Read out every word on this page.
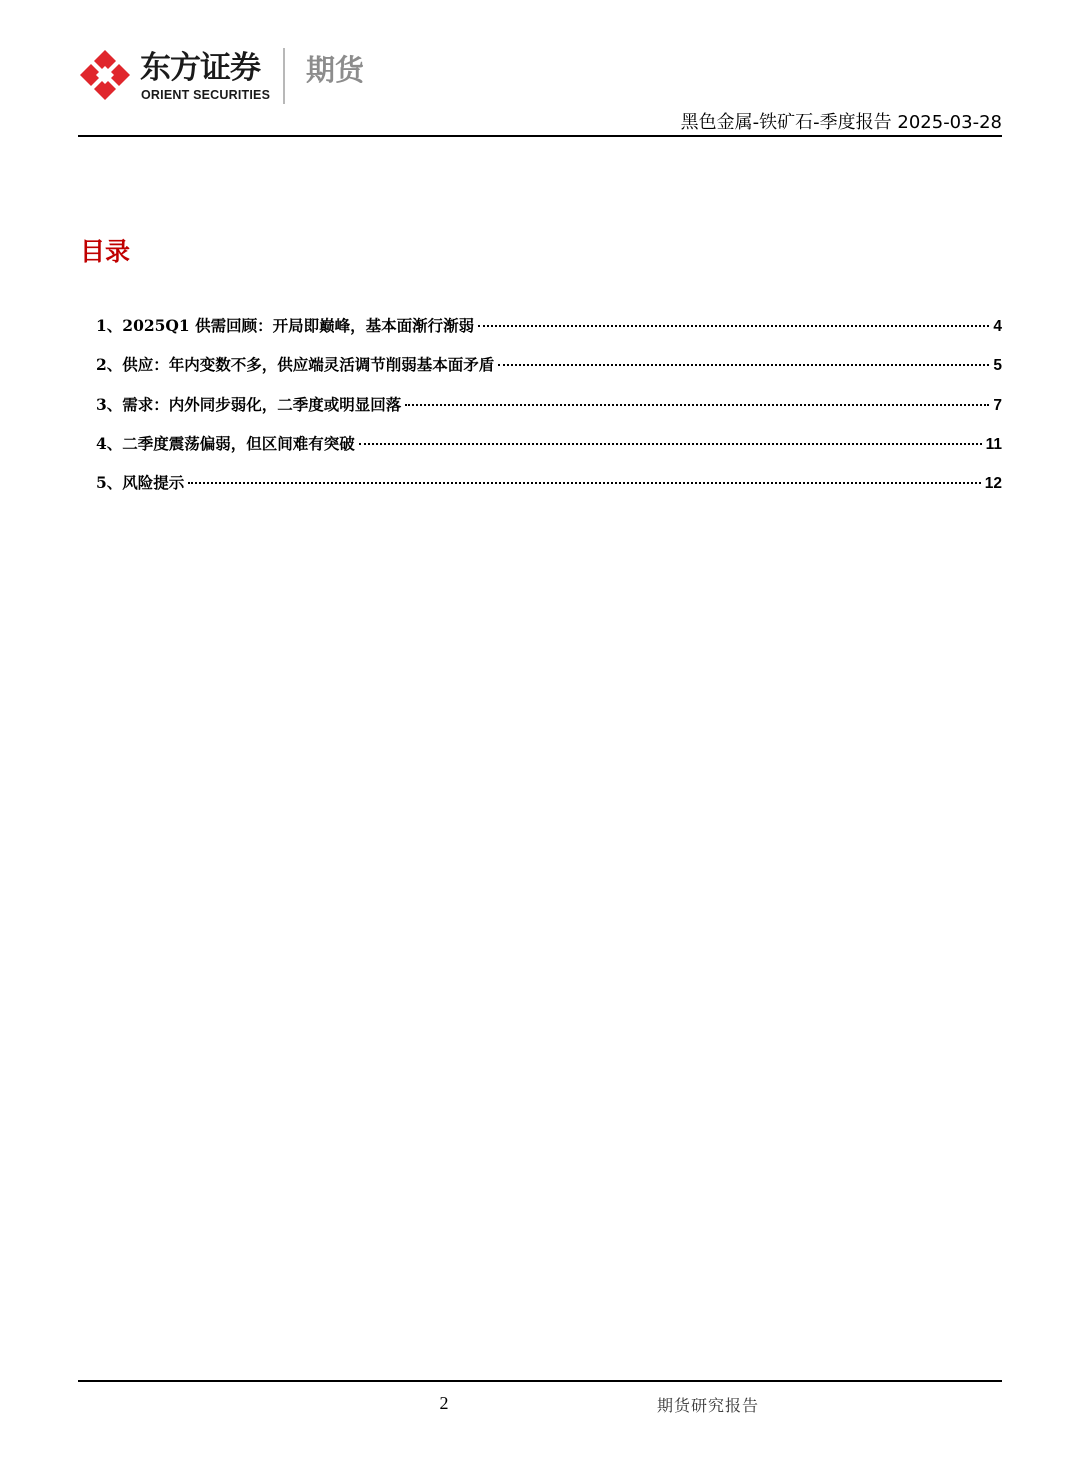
东方证券
ORIENT SECURITIES
期货
黑色金属-铁矿石-季度报告 2025-03-28
目录
1、2025Q1 供需回顾：开局即巅峰，基本面渐行渐弱	4
2、供应：年内变数不多，供应端灵活调节削弱基本面矛盾	5
3、需求：内外同步弱化，二季度或明显回落	7
4、二季度震荡偏弱，但区间难有突破	11
5、风险提示	12
2	期货研究报告
